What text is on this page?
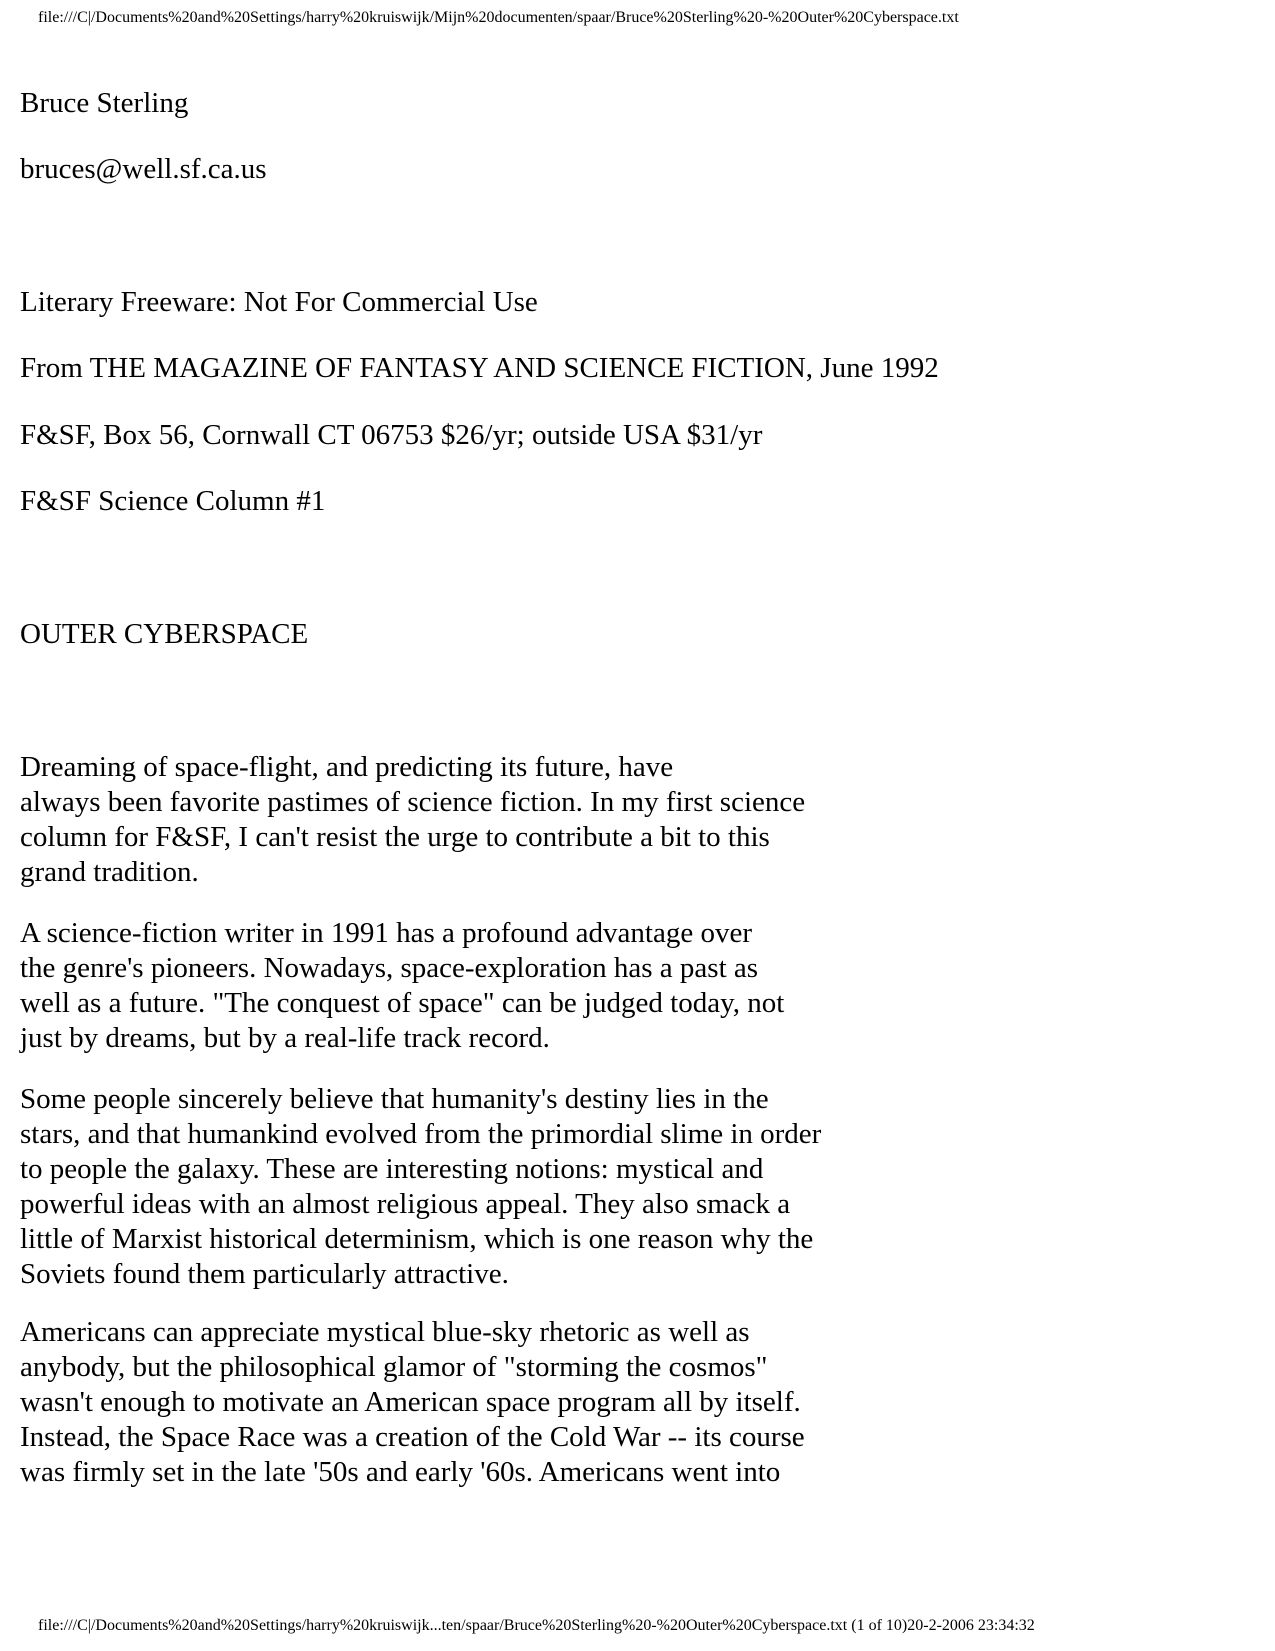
file:///C|/Documents%20and%20Settings/harry%20kruiswijk/Mijn%20documenten/spaar/Bruce%20Sterling%20-%20Outer%20Cyberspace.txt
Bruce Sterling
bruces@well.sf.ca.us
Literary Freeware: Not For Commercial Use
From THE MAGAZINE OF FANTASY AND SCIENCE FICTION, June 1992
F&SF, Box 56, Cornwall CT 06753 $26/yr; outside USA $31/yr
F&SF Science Column #1
OUTER CYBERSPACE
Dreaming of space-flight, and predicting its future, have
always been favorite pastimes of science fiction. In my first science
column for F&SF, I can't resist the urge to contribute a bit to this
grand tradition.
A science-fiction writer in 1991 has a profound advantage over
the genre's pioneers. Nowadays, space-exploration has a past as
well as a future. "The conquest of space" can be judged today, not
just by dreams, but by a real-life track record.
Some people sincerely believe that humanity's destiny lies in the
stars, and that humankind evolved from the primordial slime in order
to people the galaxy. These are interesting notions: mystical and
powerful ideas with an almost religious appeal. They also smack a
little of Marxist historical determinism, which is one reason why the
Soviets found them particularly attractive.
Americans can appreciate mystical blue-sky rhetoric as well as
anybody, but the philosophical glamor of "storming the cosmos"
wasn't enough to motivate an American space program all by itself.
Instead, the Space Race was a creation of the Cold War -- its course
was firmly set in the late '50s and early '60s. Americans went into
file:///C|/Documents%20and%20Settings/harry%20kruiswijk...ten/spaar/Bruce%20Sterling%20-%20Outer%20Cyberspace.txt (1 of 10)20-2-2006 23:34:32
